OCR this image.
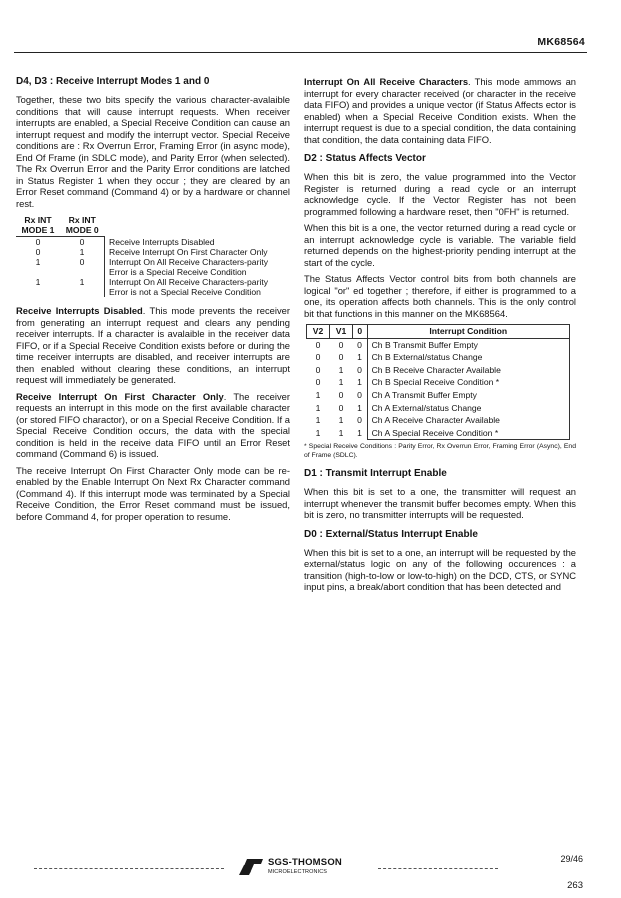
MK68564
D4, D3 : Receive Interrupt Modes 1 and 0

Together, these two bits specify the various character-avalaible conditions that will cause interrupt requests. When receiver interrupts are enabled, a Special Receive Condition can cause an interrupt request and modify the interrupt vector. Special Receive conditions are : Rx Overrun Error, Framing Error (in async mode), End Of Frame (in SDLC mode), and Parity Error (when selected). The Rx Overrun Error and the Parity Error conditions are latched in Status Register 1 when they occur ; they are cleared by an Error Reset command (Command 4) or by a hardware or channel rest.

Rx INT MODE 1	Rx INT MODE 0	
0	0	Receive Interrupts Disabled
0	1	Receive Interrupt On First Character Only
1	0	Interrupt On All Receive Characters-parity Error is a Special Receive Condition
1	1	Interrupt On All Receive Characters-parity Error is not a Special Receive Condition

Receive Interrupts Disabled. This mode prevents the receiver from generating an interrupt request and clears any pending receiver interrupts. If a character is avalaible in the receiver data FIFO, or if a Special Receive Condition exists before or during the time receiver interrupts are disabled, and receiver interrupts are then enabled without clearing these conditions, an interrupt request will immediately be generated.

Receive Interrupt On First Character Only. The receiver requests an interrupt in this mode on the first available character (or stored FIFO charactor), or on a Special Receive Condition. If a Special Receive Condition occurs, the data with the special condition is held in the receive data FIFO until an Error Reset command (Command 6) is issued.

The receive Interrupt On First Character Only mode can be re-enabled by the Enable Interrupt On Next Rx Character command (Command 4). If this interrupt mode was terminated by a Special Receive Condition, the Error Reset command must be issued, before Command 4, for proper operation to resume.

Interrupt On All Receive Characters. This mode ammows an interrupt for every character received (or character in the receive data FIFO) and provides a unique vector (if Status Affects ector is enabled) when a Special Receive Condition exists. When the interrupt request is due to a special condition, the data containing that condition, the data containing data FIFO.

D2 : Status Affects Vector

When this bit is zero, the value programmed into the Vector Register is returned during a read cycle or an interrupt acknowledge cycle. If the Vector Register has not been programmed following a hardware reset, then "0FH" is returned.

When this bit is a one, the vector returned during a read cycle or an interrupt acknowledge cycle is variable. The variable field returned depends on the highest-priority pending interrupt at the start of the cycle.

The Status Affects Vector control bits from both channels are logical "or" ed together ; therefore, if either is programmed to a one, its operation affects both channels. This is the only control bit that functions in this manner on the MK68564.

V2	V1	0	Interrupt Condition
0	0	0	Ch B Transmit Buffer Empty
0	0	1	Ch B External/status Change
0	1	0	Ch B Receive Character Available
0	1	1	Ch B Special Receive Condition *
1	0	0	Ch A Transmit Buffer Empty
1	0	1	Ch A External/status Change
1	1	0	Ch A Receive Character Available
1	1	1	Ch A Special Receive Condition *

* Special Receive Conditions : Parity Error, Rx Overrun Error, Framing Error (Async), End of Frame (SDLC).

D1 : Transmit Interrupt Enable

When this bit is set to a one, the transmitter will request an interrupt whenever the transmit buffer becomes empty. When this bit is zero, no transmitter interrupts will be requested.

D0 : External/Status Interrupt Enable

When this bit is set to a one, an interrupt will be requested by the external/status logic on any of the following occurences : a transition (high-to-low or low-to-high) on the DCD, CTS, or SYNC input pins, a break/abort condition that has been detected and

SGS-THOMSON
MICROELECTRONICS
29/46
263
